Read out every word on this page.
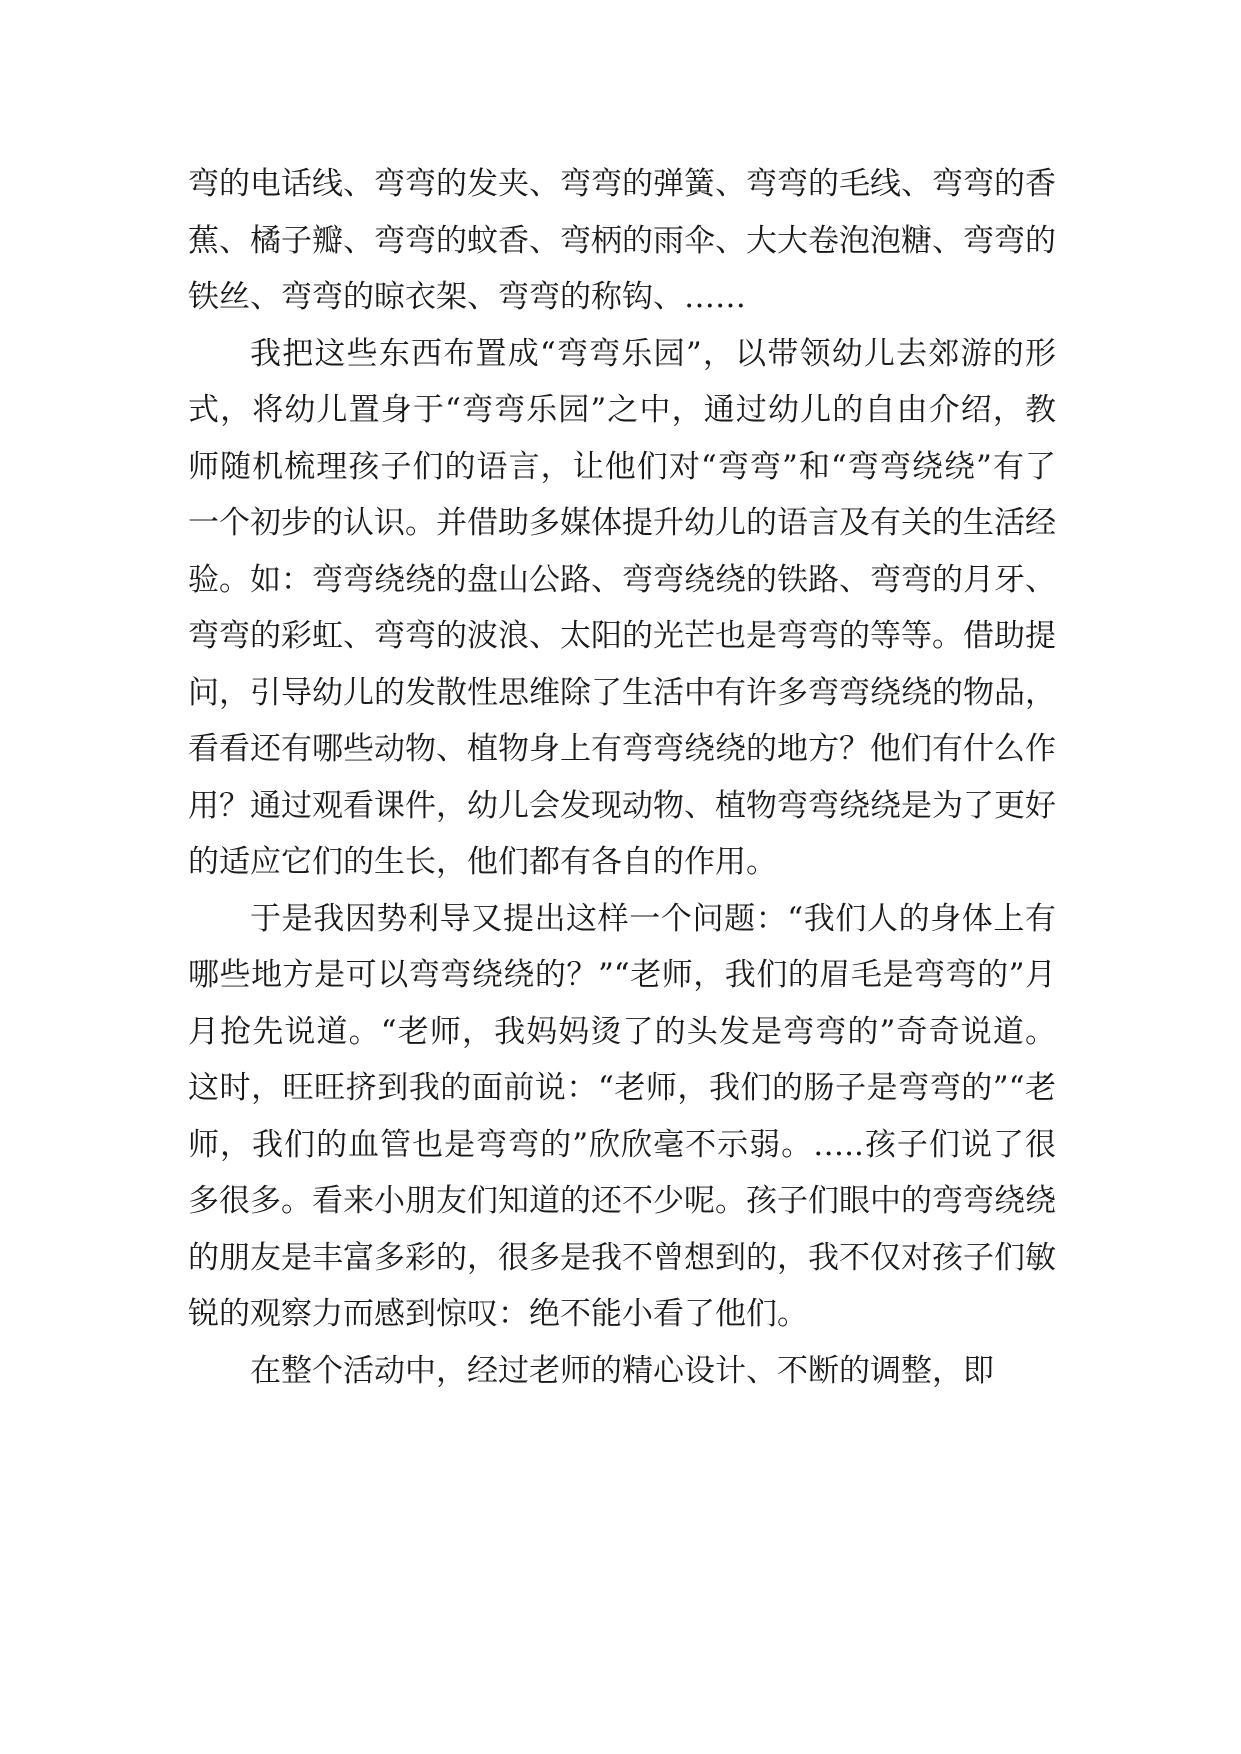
弯的电话线、弯弯的发夹、弯弯的弹簧、弯弯的毛线、弯弯的香蕉、橘子瓣、弯弯的蚊香、弯柄的雨伞、大大卷泡泡糖、弯弯的铁丝、弯弯的晾衣架、弯弯的称钩、……

我把这些东西布置成“弯弯乐园”，以带领幼儿去郊游的形式，将幼儿置身于“弯弯乐园”之中，通过幼儿的自由介绍，教师随机梳理孩子们的语言，让他们对“弯弯”和“弯弯绕绕”有了一个初步的认识。并借助多媒体提升幼儿的语言及有关的生活经验。如：弯弯绕绕的盘山公路、弯弯绕绕的铁路、弯弯的月牙、弯弯的彩虹、弯弯的波浪、太阳的光芒也是弯弯的等等。借助提问，引导幼儿的发散性思维除了生活中有许多弯弯绕绕的物品，看看还有哪些动物、植物身上有弯弯绕绕的地方？他们有什么作用？通过观看课件，幼儿会发现动物、植物弯弯绕绕是为了更好的适应它们的生长，他们都有各自的作用。

于是我因势利导又提出这样一个问题：“我们人的身体上有哪些地方是可以弯弯绕绕的？”“老师，我们的眉毛是弯弯的”月月抢先说道。“老师，我妈妈烫了的头发是弯弯的”奇奇说道。这时，旺旺挤到我的面前说：“老师，我们的肠子是弯弯的”“老师，我们的血管也是弯弯的”欣欣毫不示弱。…..孩子们说了很多很多。看来小朋友们知道的还不少呢。孩子们眼中的弯弯绕绕的朋友是丰富多彩的，很多是我不曾想到的，我不仅对孩子们敏锐的观察力而感到惊叹：绝不能小看了他们。

在整个活动中，经过老师的精心设计、不断的调整，即
